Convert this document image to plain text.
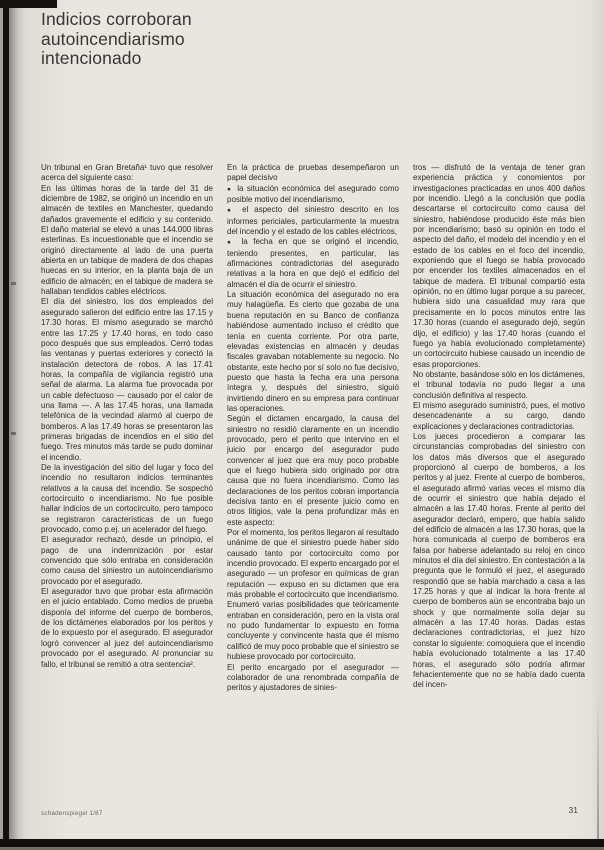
Indicios corroboran
autoincendiarismo
intencionado

Un tribunal en Gran Bretaña¹ tuvo que resolver acerca del siguiente caso:

En las últimas horas de la tarde del 31 de diciembre de 1982, se originó un incendio en un almacén de textiles en Manchester, quedando dañados gravemente el edificio y su contenido. El daño material se elevó a unas 144.000 libras esterlinas. Es incuestionable que el incendio se originó directamente al lado de una puerta abierta en un tabique de madera de dos chapas huecas en su interior, en la planta baja de un edificio de almacén; en el tabique de madera se hallaban tendidos cables eléctricos.

El día del siniestro, los dos empleados del asegurado salieron del edificio entre las 17.15 y 17.30 horas. El mismo asegurado se marchó entre las 17.25 y 17.40 horas, en todo caso poco después que sus empleados. Cerró todas las ventanas y puertas exteriores y conectó la instalación detectora de robos. A las 17.41 horas, la compañía de vigilancia registró una señal de alarma. La alarma fue provocada por un cable defectuoso — causado por el calor de una llama —. A las 17.45 horas, una llamada telefónica de la vecindad alarmó al cuerpo de bomberos. A las 17.49 horas se presentaron las primeras brigadas de incendios en el sitio del fuego. Tres minutos más tarde se pudo dominar el incendio.

De la investigación del sitio del lugar y foco del incendio no resultaron indicios terminantes relativos a la causa del incendio. Se sospechó cortocircuito o incendiarismo. No fue posible hallar indicios de un cortocircuito, pero tampoco se registraron características de un fuego provocado, como p.ej. un acelerador del fuego.

El asegurador rechazó, desde un principio, el pago de una indemnización por estar convencido que sólo entraba en consideración como causa del siniestro un autoincendiarismo provocado por el asegurado.

El asegurador tuvo que probar esta afirmación en el juicio entablado. Como medios de prueba disponía del informe del cuerpo de bomberos, de los dictámenes elaborados por los peritos y de lo expuesto por el asegurado. El asegurador logró convencer al juez del autoincendiarismo provocado por el asegurado. Al pronunciar su fallo, el tribunal se remitió a otra sentencia².

En la práctica de pruebas desempeñaron un papel decisivo

● la situación económica del asegurado como posible motivo del incendiarismo,

● el aspecto del siniestro descrito en los informes periciales, particularmente la muestra del incendio y el estado de los cables eléctricos,

● la fecha en que se originó el incendio, teniendo presentes, en particular, las afirmaciones contradictorias del asegurado relativas a la hora en que dejó el edificio del almacén el día de ocurrir el siniestro.

La situación económica del asegurado no era muy halagüeña. Es cierto que gozaba de una buena reputación en su Banco de confianza habiéndose aumentado incluso el crédito que tenía en cuenta corriente. Por otra parte, elevadas existencias en almacén y deudas fiscales gravaban notablemente su negocio. No obstante, este hecho por sí solo no fue decisivo, puesto que hasta la fecha era una persona íntegra y, después del siniestro, siguió invirtiendo dinero en su empresa para continuar las operaciones.

Según el dictamen encargado, la causa del siniestro no residió claramente en un incendio provocado, pero el perito que intervino en el juicio por encargo del asegurador pudo convencer al juez que era muy poco probable que el fuego hubiera sido originado por otra causa que no fuera incendiarismo. Como las declaraciones de los peritos cobran importancia decisiva tanto en el presente juicio como en otros litigios, vale la pena profundizar más en este aspecto:

Por el momento, los peritos llegaron al resultado unánime de que el siniestro puede haber sido causado tanto por cortocircuito como por incendio provocado. El experto encargado por el asegurado — un profesor en químicas de gran reputación — expuso en su dictamen que era más probable el cortocircuito que incendiarismo. Enumeró varias posibilidades que teóricamente entraban en consideración, pero en la vista oral no pudo fundamentar lo expuesto en forma concluyente y convincente hasta que él mismo calificó de muy poco probable que el siniestro se hubiese provocado por cortocircuito.

El perito encargado por el asegurador — colaborador de una renombrada compañía de peritos y ajustadores de sinies-

tros — disfrutó de la ventaja de tener gran experiencia práctica y conomientos por investigaciones practicadas en unos 400 daños por incendio. Llegó a la conclusión que podía descartarse el cortocircuito como causa del siniestro, habiéndose producido éste más bien por incendiarismo; basó su opinión en todo el aspecto del daño, el modelo del incendio y en el estado de los cables en el foco del incendio, exponiendo que el fuego se había provocado por encender los textiles almacenados en el tabique de madera. El tribunal compartió esta opinión, no en último lugar porque a su parecer, hubiera sido una casualidad muy rara que precisamente en lo pocos minutos entre las 17.30 horas (cuando el asegurado dejó, según dijo, el edificio) y las 17.40 horas (cuando el fuego ya había evolucionado completamente) un cortocircuito hubiese causado un incendio de esas proporciones.

No obstante, basándose sólo en los dictámenes, el tribunal todavía no pudo llegar a una conclusión definitiva al respecto.

El mismo asegurado suministró, pues, el motivo desencadenante a su cargo, dando explicaciones y declaraciones contradictorias.

Los jueces procedieron a comparar las circunstancias comprobadas del siniestro con los datos más diversos que el asegurado proporcionó al cuerpo de bomberos, a los peritos y al juez. Frente al cuerpo de bomberos, el asegurado afirmó varias veces el mismo día de ocurrir el siniestro que había dejado el almacén a las 17.40 horas. Frente al perito del asegurador declaró, empero, que había salido del edificio de almacén a las 17.30 horas, que la hora comunicada al cuerpo de bomberos era falsa por haberse adelantado su reloj en cinco minutos el día del siniestro. En contestación a la pregunta que le formuló el juez, el asegurado respondió que se había marchado a casa a las 17.25 horas y que al indicar la hora frente al cuerpo de bomberos aún se encontraba bajo un shock y que normalmente solía dejar su almacén a las 17.40 horas. Dadas estas declaraciones contradictorias, el juez hizo constar lo siguiente: comoquiera que el incendio había evolucionado totalmente a las 17.40 horas, el asegurado sólo podría afirmar fehacientemente que no se había dado cuenta del incen-

schadenspiegel 1/87	31
